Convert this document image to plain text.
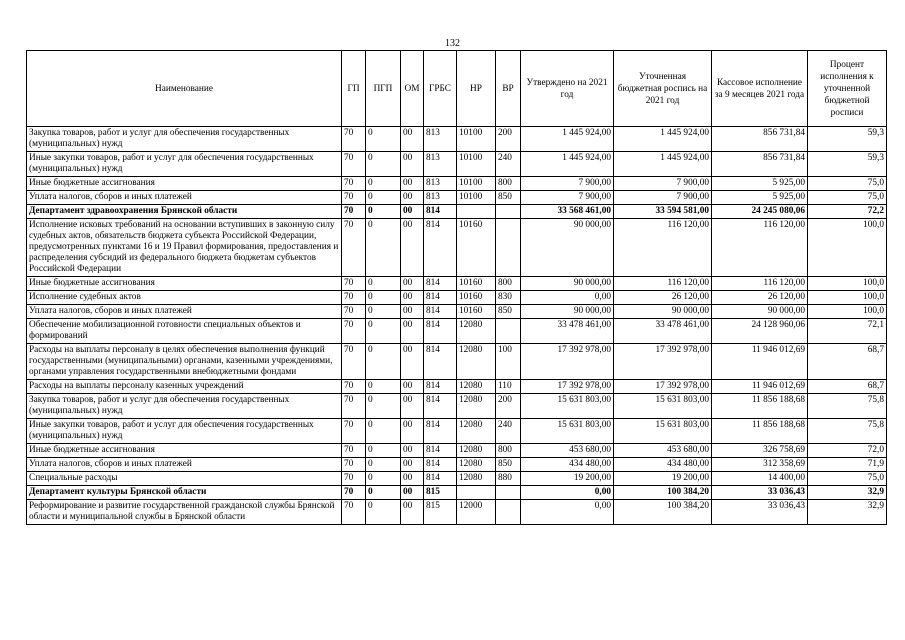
132
Наименование	ГП	ПГП	ОМ	ГРБС	НР	ВР	Утверждено на 2021 год	Уточненная бюджетная роспись на 2021 год	Кассовое исполнение за 9 месяцев 2021 года	Процент исполнения к уточненной бюджетной росписи
Закупка товаров, работ и услуг для обеспечения государственных (муниципальных) нужд	70	0	00	813	10100	200	1 445 924,00	1 445 924,00	856 731,84	59,3
Иные закупки товаров, работ и услуг для обеспечения государственных (муниципальных) нужд	70	0	00	813	10100	240	1 445 924,00	1 445 924,00	856 731,84	59,3
Иные бюджетные ассигнования	70	0	00	813	10100	800	7 900,00	7 900,00	5 925,00	75,0
Уплата налогов, сборов и иных платежей	70	0	00	813	10100	850	7 900,00	7 900,00	5 925,00	75,0
Департамент здравоохранения Брянской области	70	0	00	814			33 568 461,00	33 594 581,00	24 245 080,06	72,2
Исполнение исковых требований на основании вступивших в законную силу судебных актов, обязательств бюджета субъекта Российской Федерации, предусмотренных пунктами 16 и 19 Правил формирования, предоставления и распределения субсидий из федерального бюджета бюджетам субъектов Российской Федерации	70	0	00	814	10160		90 000,00	116 120,00	116 120,00	100,0
Иные бюджетные ассигнования	70	0	00	814	10160	800	90 000,00	116 120,00	116 120,00	100,0
Исполнение судебных актов	70	0	00	814	10160	830	0,00	26 120,00	26 120,00	100,0
Уплата налогов, сборов и иных платежей	70	0	00	814	10160	850	90 000,00	90 000,00	90 000,00	100,0
Обеспечение мобилизационной готовности специальных объектов и формирований	70	0	00	814	12080		33 478 461,00	33 478 461,00	24 128 960,06	72,1
Расходы на выплаты персоналу в целях обеспечения выполнения функций государственными (муниципальными) органами, казенными учреждениями, органами управления государственными внебюджетными фондами	70	0	00	814	12080	100	17 392 978,00	17 392 978,00	11 946 012,69	68,7
Расходы на выплаты персоналу казенных учреждений	70	0	00	814	12080	110	17 392 978,00	17 392 978,00	11 946 012,69	68,7
Закупка товаров, работ и услуг для обеспечения государственных (муниципальных) нужд	70	0	00	814	12080	200	15 631 803,00	15 631 803,00	11 856 188,68	75,8
Иные закупки товаров, работ и услуг для обеспечения государственных (муниципальных) нужд	70	0	00	814	12080	240	15 631 803,00	15 631 803,00	11 856 188,68	75,8
Иные бюджетные ассигнования	70	0	00	814	12080	800	453 680,00	453 680,00	326 758,69	72,0
Уплата налогов, сборов и иных платежей	70	0	00	814	12080	850	434 480,00	434 480,00	312 358,69	71,9
Специальные расходы	70	0	00	814	12080	880	19 200,00	19 200,00	14 400,00	75,0
Департамент культуры Брянской области	70	0	00	815			0,00	100 384,20	33 036,43	32,9
Реформирование и развитие государственной гражданской службы Брянской области и муниципальной службы в Брянской области	70	0	00	815	12000		0,00	100 384,20	33 036,43	32,9
